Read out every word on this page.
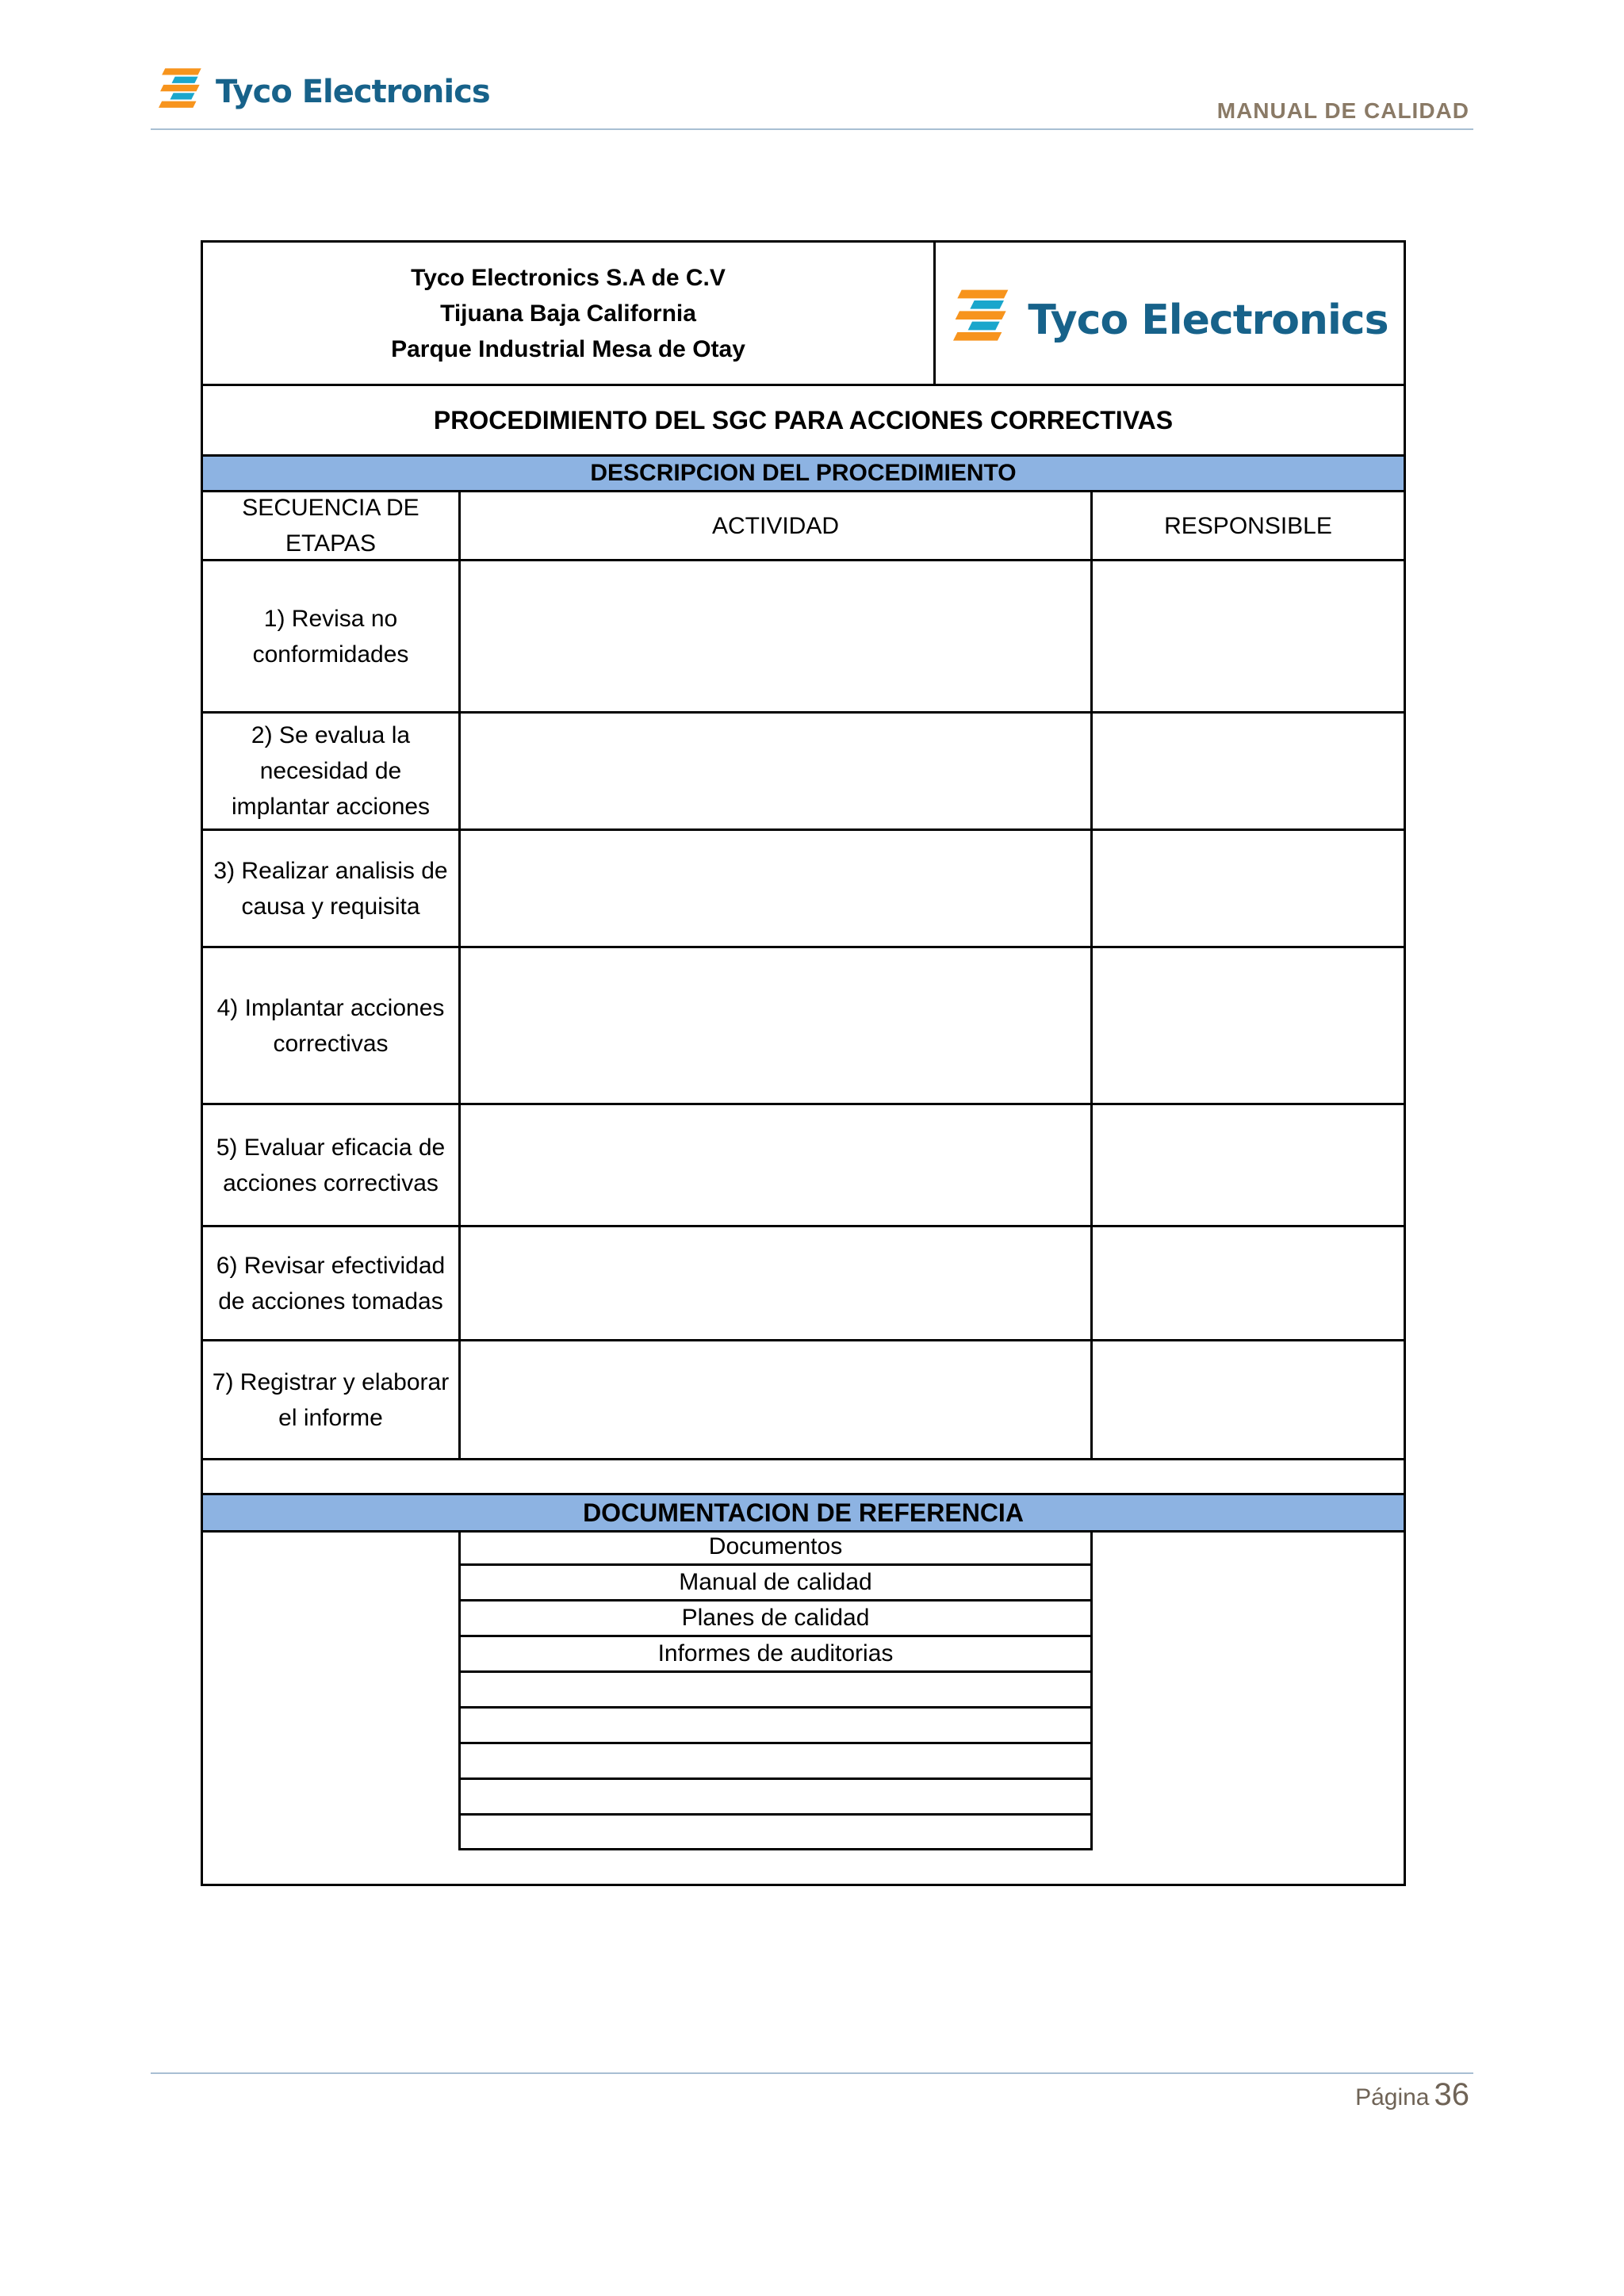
Tyco Electronics
MANUAL DE CALIDAD
Tyco Electronics S.A de C.V
Tijuana Baja California
Parque Industrial Mesa de Otay
Tyco Electronics
PROCEDIMIENTO DEL SGC PARA ACCIONES CORRECTIVAS
DESCRIPCION DEL PROCEDIMIENTO
SECUENCIA DE
ETAPAS
ACTIVIDAD	RESPONSIBLE
1) Revisa no
conformidades
2) Se evalua la
necesidad de
implantar acciones
3) Realizar analisis de
causa y requisita
4) Implantar acciones
correctivas
5) Evaluar eficacia de
acciones correctivas
6) Revisar efectividad
de acciones tomadas
7) Registrar y elaborar
el informe
DOCUMENTACION DE REFERENCIA
Documentos
Manual de calidad
Planes de calidad
Informes de auditorias
Página 36
